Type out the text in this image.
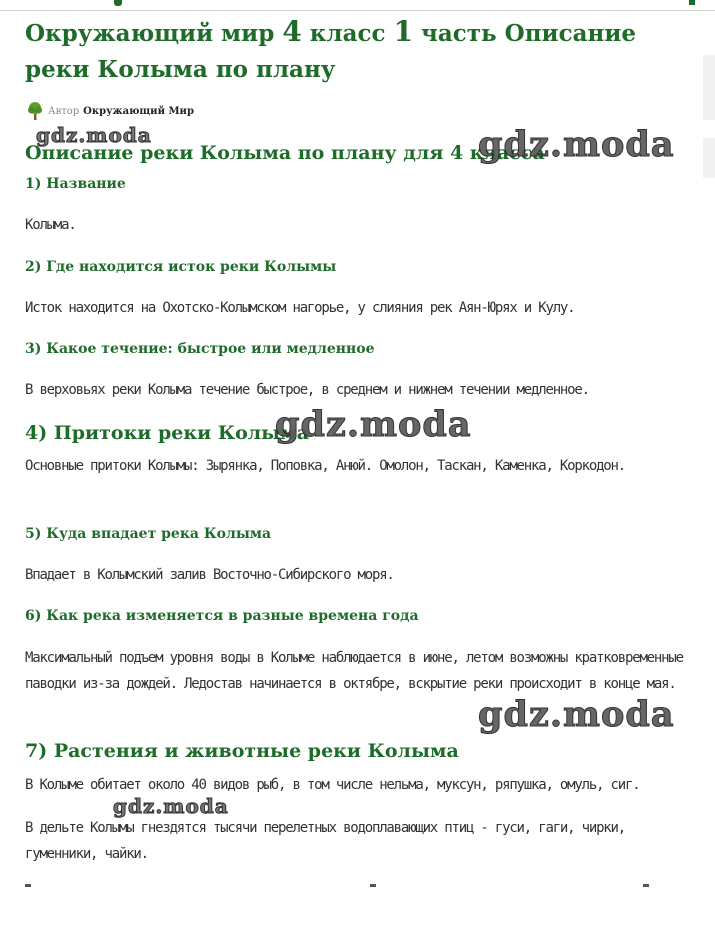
Окружающий мир 4 класс 1 часть Описание реки Колыма по плану
Автор Окружающий Мир
Описание реки Колыма по плану для 4 класса
1) Название
Колыма.
2) Где находится исток реки Колымы
Исток находится на Охотско-Колымском нагорье, у слияния рек Аян-Юрях и Кулу.
3) Какое течение: быстрое или медленное
В верховьях реки Колыма течение быстрое, в среднем и нижнем течении медленное.
4) Притоки реки Колыма
Основные притоки Колымы: Зырянка, Поповка, Анюй. Омолон, Таскан, Каменка, Коркодон.
5) Куда впадает река Колыма
Впадает в Колымский залив Восточно-Сибирского моря.
6) Как река изменяется в разные времена года
Максимальный подъем уровня воды в Колыме наблюдается в июне, летом возможны кратковременные паводки из-за дождей. Ледостав начинается в октябре, вскрытие реки происходит в конце мая.
7) Растения и животные реки Колыма
В Колыме обитает около 40 видов рыб, в том числе нельма, муксун, ряпушка, омуль, сиг.
В дельте Колымы гнездятся тысячи перелетных водоплавающих птиц - гуси, гаги, чирки, гуменники, чайки.
gdz.moda	gdz.moda
gdz.moda
gdz.moda
gdz.moda
